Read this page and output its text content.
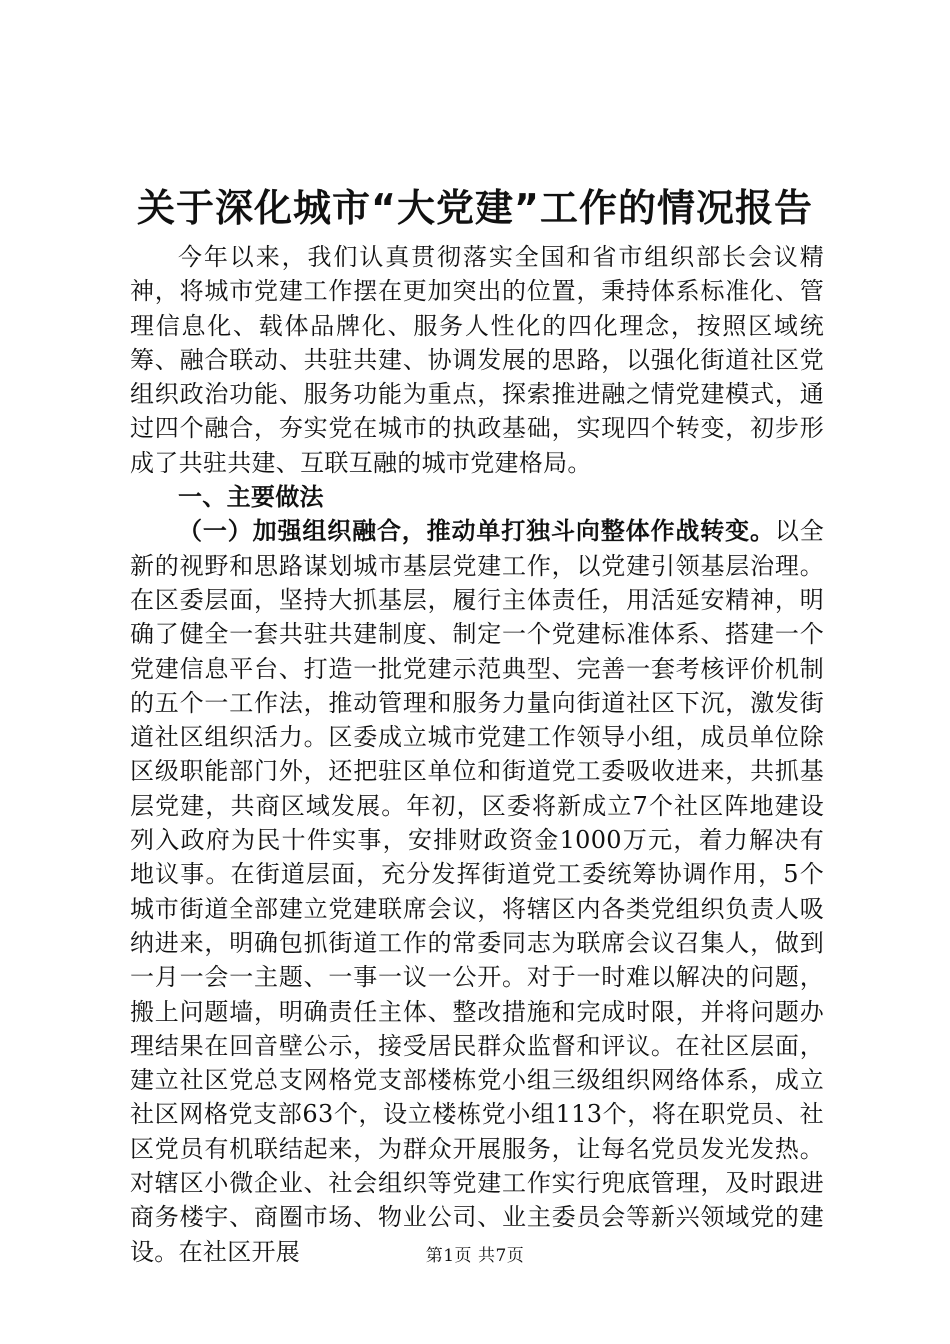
关于深化城市“大党建”工作的情况报告

今年以来，我们认真贯彻落实全国和省市组织部长会议精神，将城市党建工作摆在更加突出的位置，秉持体系标准化、管理信息化、载体品牌化、服务人性化的四化理念，按照区域统筹、融合联动、共驻共建、协调发展的思路，以强化街道社区党组织政治功能、服务功能为重点，探索推进融之情党建模式，通过四个融合，夯实党在城市的执政基础，实现四个转变，初步形成了共驻共建、互联互融的城市党建格局。

一、主要做法

（一）加强组织融合，推动单打独斗向整体作战转变。以全新的视野和思路谋划城市基层党建工作，以党建引领基层治理。在区委层面，坚持大抓基层，履行主体责任，用活延安精神，明确了健全一套共驻共建制度、制定一个党建标准体系、搭建一个党建信息平台、打造一批党建示范典型、完善一套考核评价机制的五个一工作法，推动管理和服务力量向街道社区下沉，激发街道社区组织活力。区委成立城市党建工作领导小组，成员单位除区级职能部门外，还把驻区单位和街道党工委吸收进来，共抓基层党建，共商区域发展。年初，区委将新成立7个社区阵地建设列入政府为民十件实事，安排财政资金1000万元，着力解决有地议事。在街道层面，充分发挥街道党工委统筹协调作用，5个城市街道全部建立党建联席会议，将辖区内各类党组织负责人吸纳进来，明确包抓街道工作的常委同志为联席会议召集人，做到一月一会一主题、一事一议一公开。对于一时难以解决的问题，搬上问题墙，明确责任主体、整改措施和完成时限，并将问题办理结果在回音壁公示，接受居民群众监督和评议。在社区层面，建立社区党总支网格党支部楼栋党小组三级组织网络体系，成立社区网格党支部63个，设立楼栋党小组113个，将在职党员、社区党员有机联结起来，为群众开展服务，让每名党员发光发热。对辖区小微企业、社会组织等党建工作实行兜底管理，及时跟进商务楼宇、商圈市场、物业公司、业主委员会等新兴领域党的建设。在社区开展	第1页 共7页
